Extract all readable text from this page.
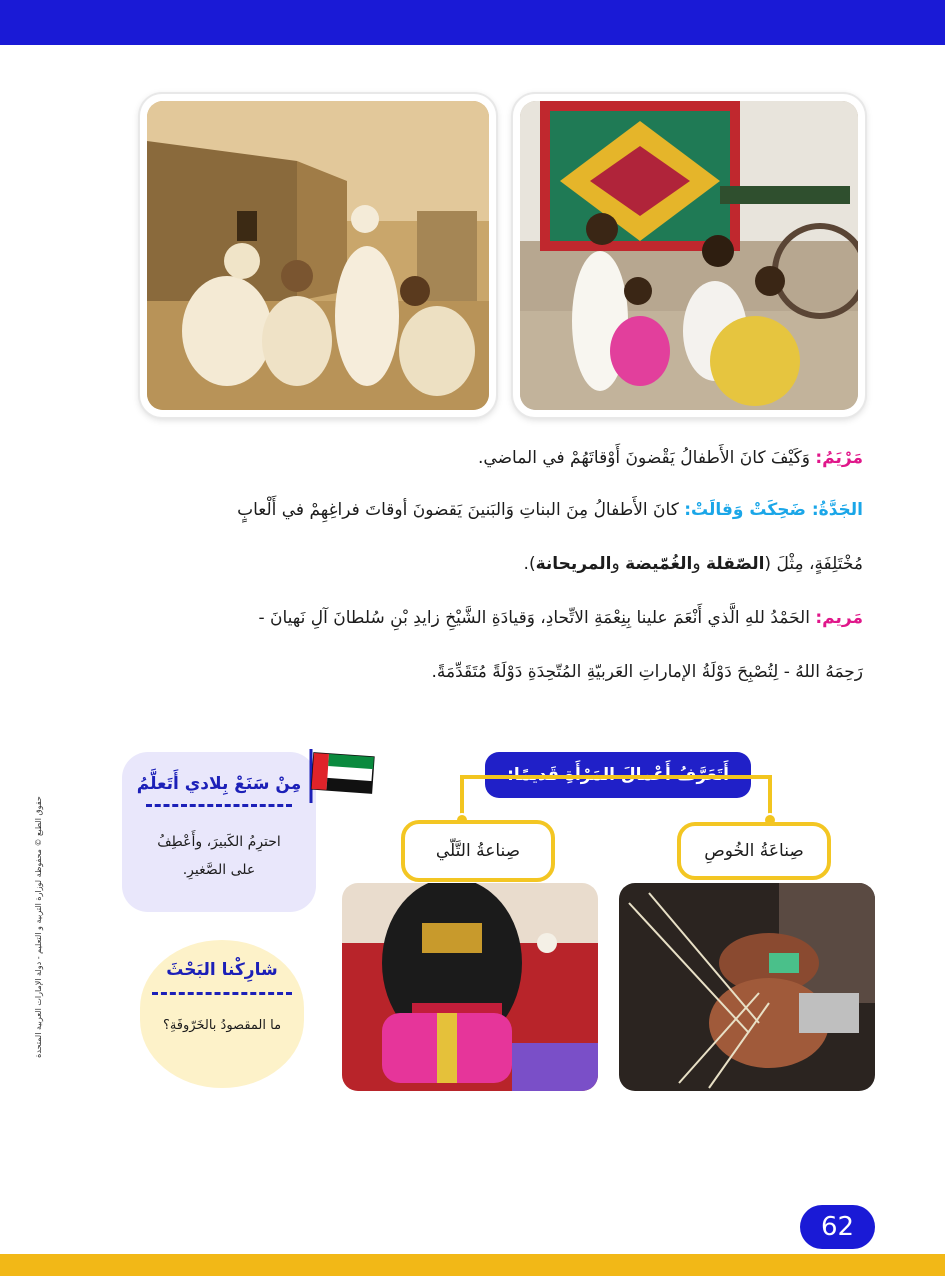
مَرْيَمُ: وَكَيْفَ كانَ الأَطفالُ يَقْضونَ أَوْقاتَهُمْ في الماضي.
الجَدَّةُ: ضَحِكَتْ وَقالَتْ: كانَ الأَطفالُ مِنَ البناتِ وَالبَنينَ يَقضونَ أوقاتَ فراغِهِمْ في أَلْعابٍ
مُخْتَلِفَةٍ، مِثْلَ (الصّقلة والغُمّيضة والمريحانة).
مَريم: الحَمْدُ للهِ الَّذي أَنْعَمَ علينا بِنِعْمَةِ الاتِّحادِ، وَقيادَةِ الشَّيْخِ زايدِ بْنِ سُلطانَ آلِ نَهيانَ -
رَحِمَهُ اللهُ - لِتُصْبِحَ دَوْلَةُ الإماراتِ العَربيّةِ المُتّحِدَةِ دَوْلَةً مُتَقَدِّمَةً.
صِناعَةُ الخُوصِ
صِناعةُ التَّلّي
مِنْ سَنَعْ بِلادي أَتَعلَّمُ
احترِمُ الكَبيرَ، وأَعْطِفُ
على الصَّغيرِ.
شارِكْنا البَحْثَ
ما المقصودُ بالخَرّوفَةِ؟
حقوق الطبع © محفوظة لوزارة التربية و التعليم - دولة الإمارات العربية المتحدة
62
